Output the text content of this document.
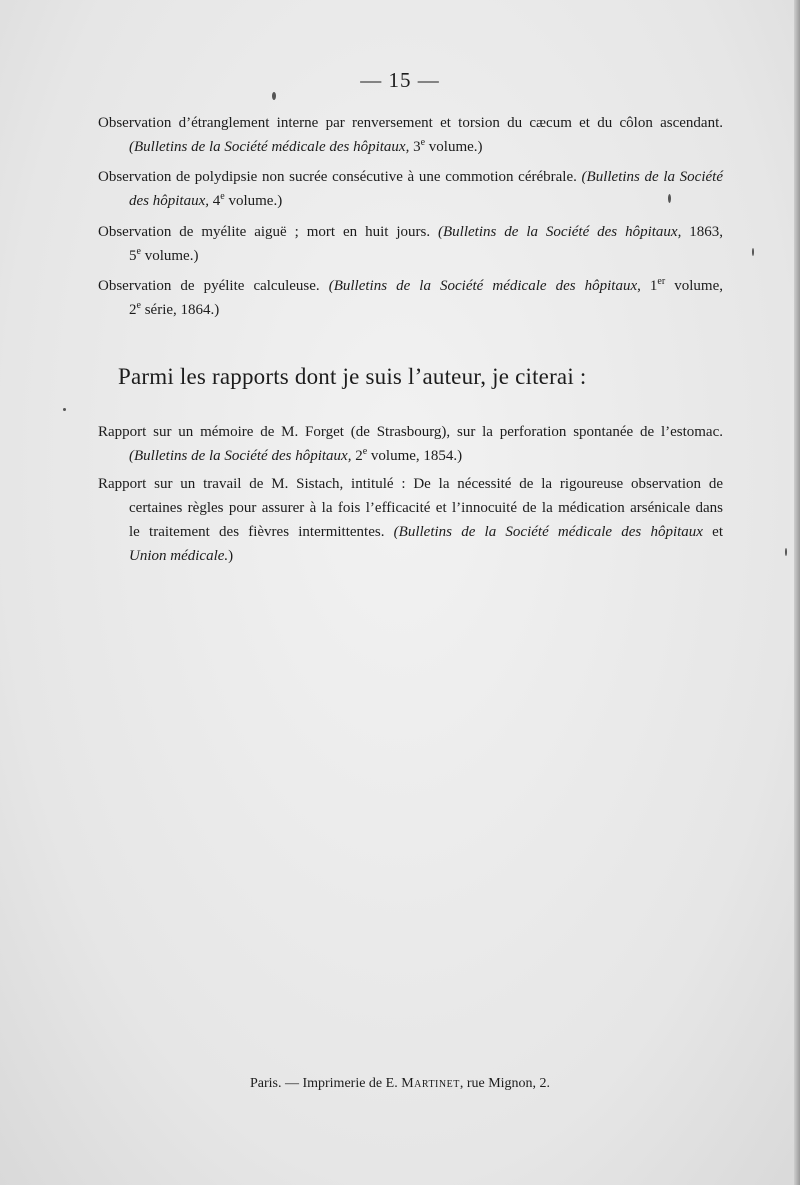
— 15 —
Observation d’étranglement interne par renversement et torsion du cæcum et du côlon ascendant.
(Bulletins de la Société médicale des hôpitaux, 3e volume.)
Observation de polydipsie non sucrée consécutive à une commotion cérébrale. (Bulletins de la Société
des hôpitaux, 4e volume.)
Observation de myélite aiguë ; mort en huit jours. (Bulletins de la Société des hôpitaux, 1863,
5e volume.)
Observation de pyélite calculeuse. (Bulletins de la Société médicale des hôpitaux, 1er volume,
2e série, 1864.)
Parmi les rapports dont je suis l’auteur, je citerai :
Rapport sur un mémoire de M. Forget (de Strasbourg), sur la perforation spontanée de l’estomac.
(Bulletins de la Société des hôpitaux, 2e volume, 1854.)
Rapport sur un travail de M. Sistach, intitulé : De la nécessité de la rigoureuse observation de
certaines règles pour assurer à la fois l’efficacité et l’innocuité de la médication arsénicale dans
le traitement des fièvres intermittentes. (Bulletins de la Société médicale des hôpitaux et
Union médicale.)
Paris. — Imprimerie de E. Martinet, rue Mignon, 2.
